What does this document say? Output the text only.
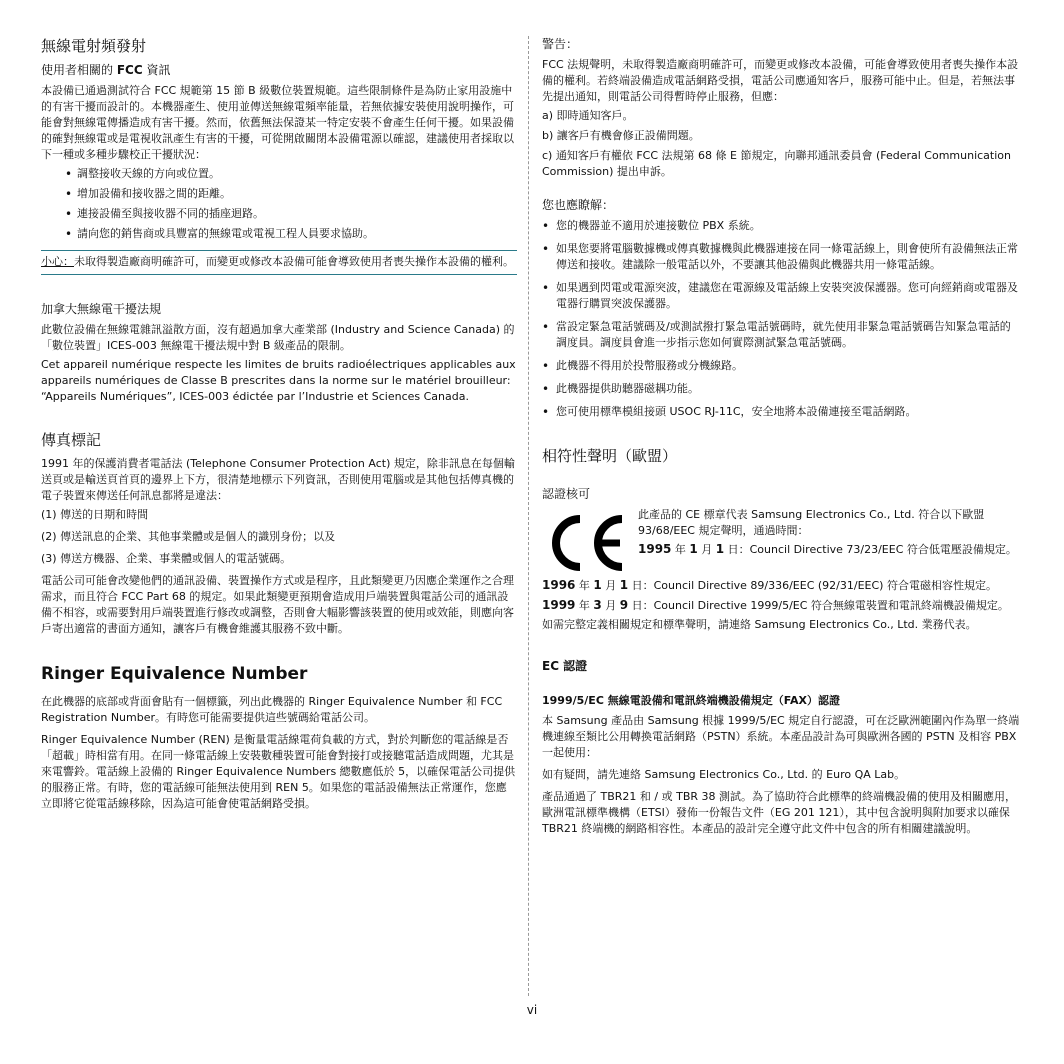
無線電射頻發射
使用者相關的 FCC 資訊

本設備已通過測試符合 FCC 規範第 15 節 B 級數位裝置規範。這些限制條件是為防止家用設施中的有害干擾而設計的。本機器產生、使用並傳送無線電頻率能量，若無依據安裝使用說明操作，可能會對無線電傳播造成有害干擾。然而，依舊無法保證某一特定安裝不會產生任何干擾。如果設備的確對無線電或是電視收訊產生有害的干擾，可從開啟關閉本設備電源以確認，建議使用者採取以下一種或多種步驟校正干擾狀況：

• 調整接收天線的方向或位置。
• 增加設備和接收器之間的距離。
• 連接設備至與接收器不同的插座迴路。
• 請向您的銷售商或具豐富的無線電或電視工程人員要求協助。

小心：未取得製造廠商明確許可，而變更或修改本設備可能會導致使用者喪失操作本設備的權利。

加拿大無線電干擾法規

此數位設備在無線電雜訊溢散方面，沒有超過加拿大產業部 (Industry and Science Canada) 的「數位裝置」ICES-003 無線電干擾法規中對 B 級產品的限制。

Cet appareil numérique respecte les limites de bruits radioélectriques applicables aux appareils numériques de Classe B prescrites dans la norme sur le matériel brouilleur: “Appareils Numériques”, ICES-003 édictée par l’Industrie et Sciences Canada.

傳真標記

1991 年的保護消費者電話法 (Telephone Consumer Protection Act) 規定，除非訊息在每個輸送頁或是輸送頁首頁的邊界上下方，很清楚地標示下列資訊，否則使用電腦或是其他包括傳真機的電子裝置來傳送任何訊息都將是違法：

(1) 傳送的日期和時間

(2) 傳送訊息的企業、其他事業體或是個人的識別身份；以及

(3) 傳送方機器、企業、事業體或個人的電話號碼。

電話公司可能會改變他們的通訊設備、裝置操作方式或是程序，且此類變更乃因應企業運作之合理需求，而且符合 FCC Part 68 的規定。如果此類變更預期會造成用戶端裝置與電話公司的通訊設備不相容，或需要對用戶端裝置進行修改或調整，否則會大幅影響該裝置的使用或效能，則應向客戶寄出適當的書面方通知，讓客戶有機會維護其服務不致中斷。

Ringer Equivalence Number

在此機器的底部或背面會貼有一個標籤，列出此機器的 Ringer Equivalence Number 和 FCC Registration Number。有時您可能需要提供這些號碼給電話公司。

Ringer Equivalence Number (REN) 是衡量電話線電荷負載的方式，對於判斷您的電話線是否「超載」時相當有用。在同一條電話線上安裝數種裝置可能會對接打或接聽電話造成問題，尤其是來電響鈴。電話線上設備的 Ringer Equivalence Numbers 總數應低於 5，以確保電話公司提供的服務正常。有時，您的電話線可能無法使用到 REN 5。如果您的電話設備無法正常運作，您應立即將它從電話線移除，因為這可能會使電話網路受損。

警告：

FCC 法規聲明，未取得製造廠商明確許可，而變更或修改本設備，可能會導致使用者喪失操作本設備的權利。若終端設備造成電話網路受損，電話公司應通知客戶，服務可能中止。但是，若無法事先提出通知，則電話公司得暫時停止服務，但應：

a) 即時通知客戶。

b) 讓客戶有機會修正設備問題。

c) 通知客戶有權依 FCC 法規第 68 條 E 節規定，向聯邦通訊委員會 (Federal Communication Commission) 提出申訴。

您也應瞭解：
• 您的機器並不適用於連接數位 PBX 系統。
• 如果您要將電腦數據機或傳真數據機與此機器連接在同一條電話線上，則會使所有設備無法正常傳送和接收。建議除一般電話以外，不要讓其他設備與此機器共用一條電話線。
• 如果遇到閃電或電源突波，建議您在電源線及電話線上安裝突波保護器。您可向經銷商或電器及電器行購買突波保護器。
• 當設定緊急電話號碼及/或測試撥打緊急電話號碼時，就先使用非緊急電話號碼告知緊急電話的調度員。調度員會進一步指示您如何實際測試緊急電話號碼。
• 此機器不得用於投幣服務或分機線路。
• 此機器提供助聽器磁耦功能。
• 您可使用標準模組接頭 USOC RJ-11C，安全地將本設備連接至電話網路。
相符性聲明（歐盟）
認證核可

此產品的 CE 標章代表 Samsung Electronics Co., Ltd. 符合以下歐盟 93/68/EEC 規定聲明，通過時間：

1995 年 1 月 1 日：Council Directive 73/23/EEC 符合低電壓設備規定。

1996 年 1 月 1 日：Council Directive 89/336/EEC (92/31/EEC) 符合電磁相容性規定。

1999 年 3 月 9 日：Council Directive 1999/5/EC 符合無線電裝置和電訊終端機設備規定。

如需完整定義相關規定和標準聲明，請連絡 Samsung Electronics Co., Ltd. 業務代表。

EC 認證
1999/5/EC 無線電設備和電訊終端機設備規定（FAX）認證

本 Samsung 產品由 Samsung 根據 1999/5/EC 規定自行認證，可在泛歐洲範圍內作為單一終端機連線至類比公用轉換電話網路（PSTN）系統。本產品設計為可與歐洲各國的 PSTN 及相容 PBX

一起使用：

如有疑問，請先連絡 Samsung Electronics Co., Ltd. 的 Euro QA Lab。

產品通過了 TBR21 和 / 或 TBR 38 測試。為了協助符合此標準的終端機設備的使用及相關應用，歐洲電訊標準機構（ETSI）發佈一份報告文件（EG 201 121），其中包含說明與附加要求以確保 TBR21 終端機的網路相容性。本產品的設計完全遵守此文件中包含的所有相關建議說明。

vi
